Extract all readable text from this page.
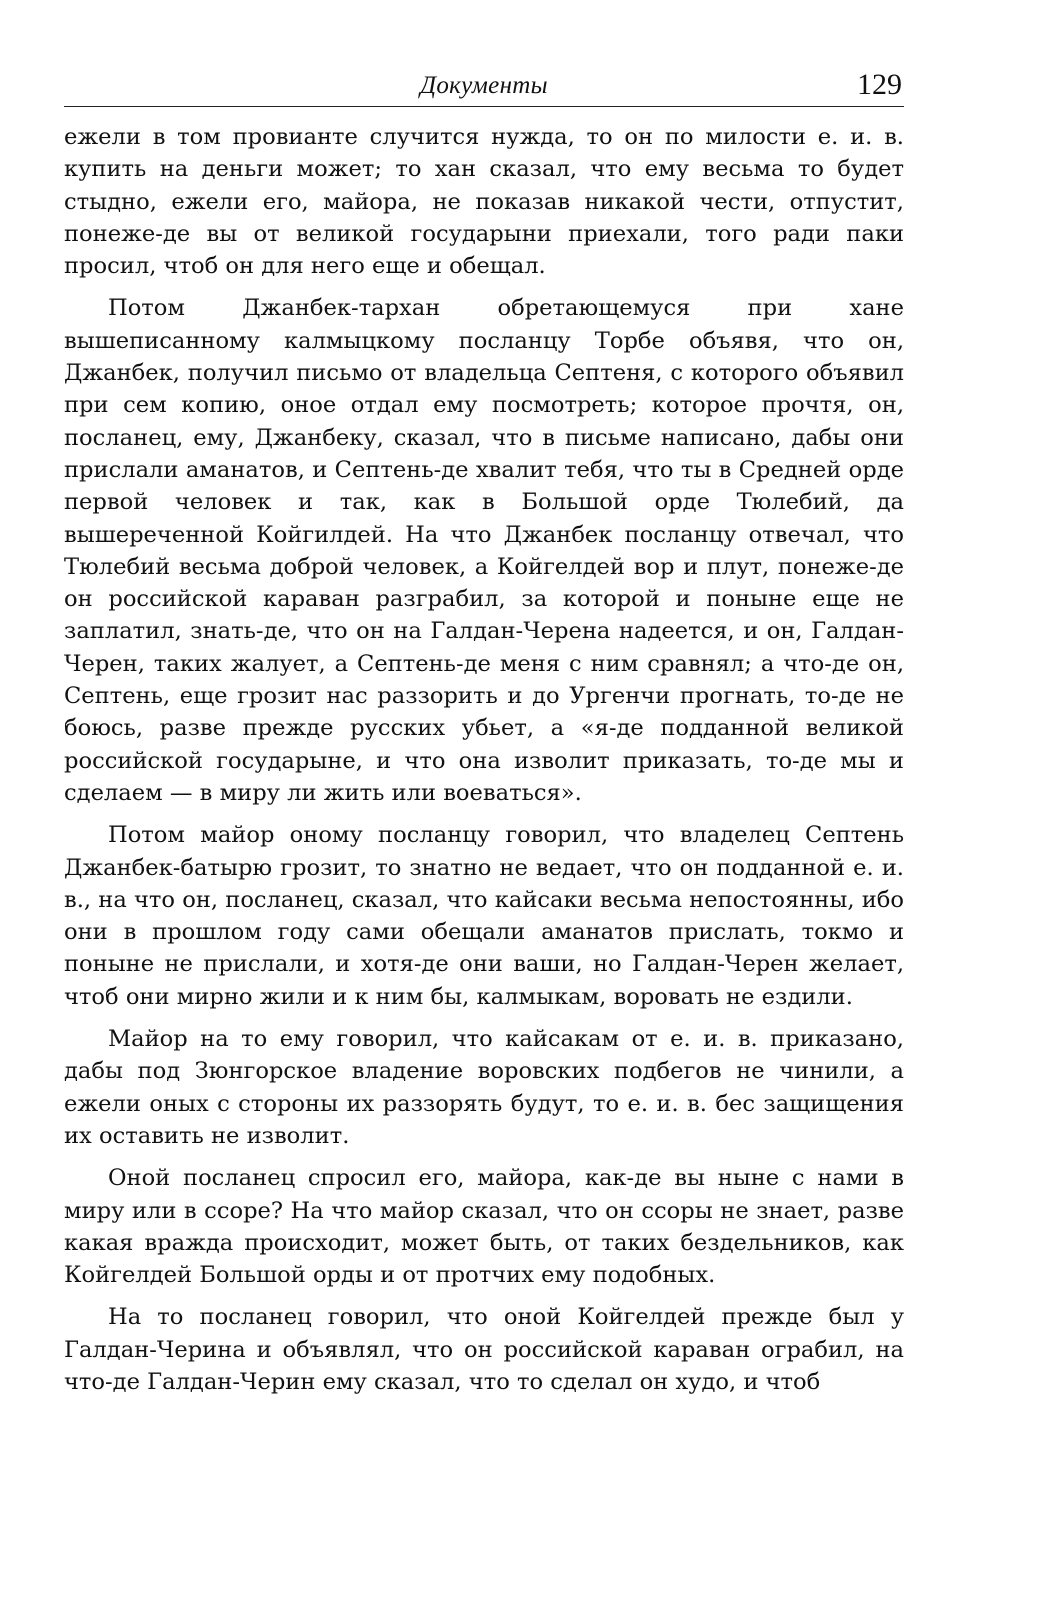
Документы	129

ежели в том провианте случится нужда, то он по милости е. и. в. купить на деньги может; то хан сказал, что ему весьма то будет стыдно, ежели его, майора, не показав никакой чести, отпустит, понеже-де вы от великой государыни приехали, того ради паки просил, чтоб он для него еще и обещал.

Потом Джанбек-тархан обретающемуся при хане вышеписанному калмыцкому посланцу Торбе объявя, что он, Джанбек, получил письмо от владельца Септеня, с которого объявил при сем копию, оное отдал ему посмотреть; которое прочтя, он, посланец, ему, Джанбеку, сказал, что в письме написано, дабы они прислали аманатов, и Септень-де хвалит тебя, что ты в Средней орде первой человек и так, как в Большой орде Тюлебий, да вышереченной Койгилдей. На что Джанбек посланцу отвечал, что Тюлебий весьма доброй человек, а Койгелдей вор и плут, понеже-де он российской караван разграбил, за которой и поныне еще не заплатил, знать-де, что он на Галдан-Черена надеется, и он, Галдан-Черен, таких жалует, а Септень-де меня с ним сравнял; а что-де он, Септень, еще грозит нас раззорить и до Ургенчи прогнать, то-де не боюсь, разве прежде русских убьет, а «я-де подданной великой российской государыне, и что она изволит приказать, то-де мы и сделаем — в миру ли жить или воеваться».

Потом майор оному посланцу говорил, что владелец Септень Джанбек-батырю грозит, то знатно не ведает, что он подданной е. и. в., на что он, посланец, сказал, что кайсаки весьма непостоянны, ибо они в прошлом году сами обещали аманатов прислать, токмо и поныне не прислали, и хотя-де они ваши, но Галдан-Черен желает, чтоб они мирно жили и к ним бы, калмыкам, воровать не ездили.

Майор на то ему говорил, что кайсакам от е. и. в. приказано, дабы под Зюнгорское владение воровских подбегов не чинили, а ежели оных с стороны их раззорять будут, то е. и. в. бес защищения их оставить не изволит.

Оной посланец спросил его, майора, как-де вы ныне с нами в миру или в ссоре? На что майор сказал, что он ссоры не знает, разве какая вражда происходит, может быть, от таких бездельников, как Койгелдей Большой орды и от протчих ему подобных.

На то посланец говорил, что оной Койгелдей прежде был у Галдан-Черина и объявлял, что он российской караван ограбил, на что-де Галдан-Черин ему сказал, что то сделал он худо, и чтоб
